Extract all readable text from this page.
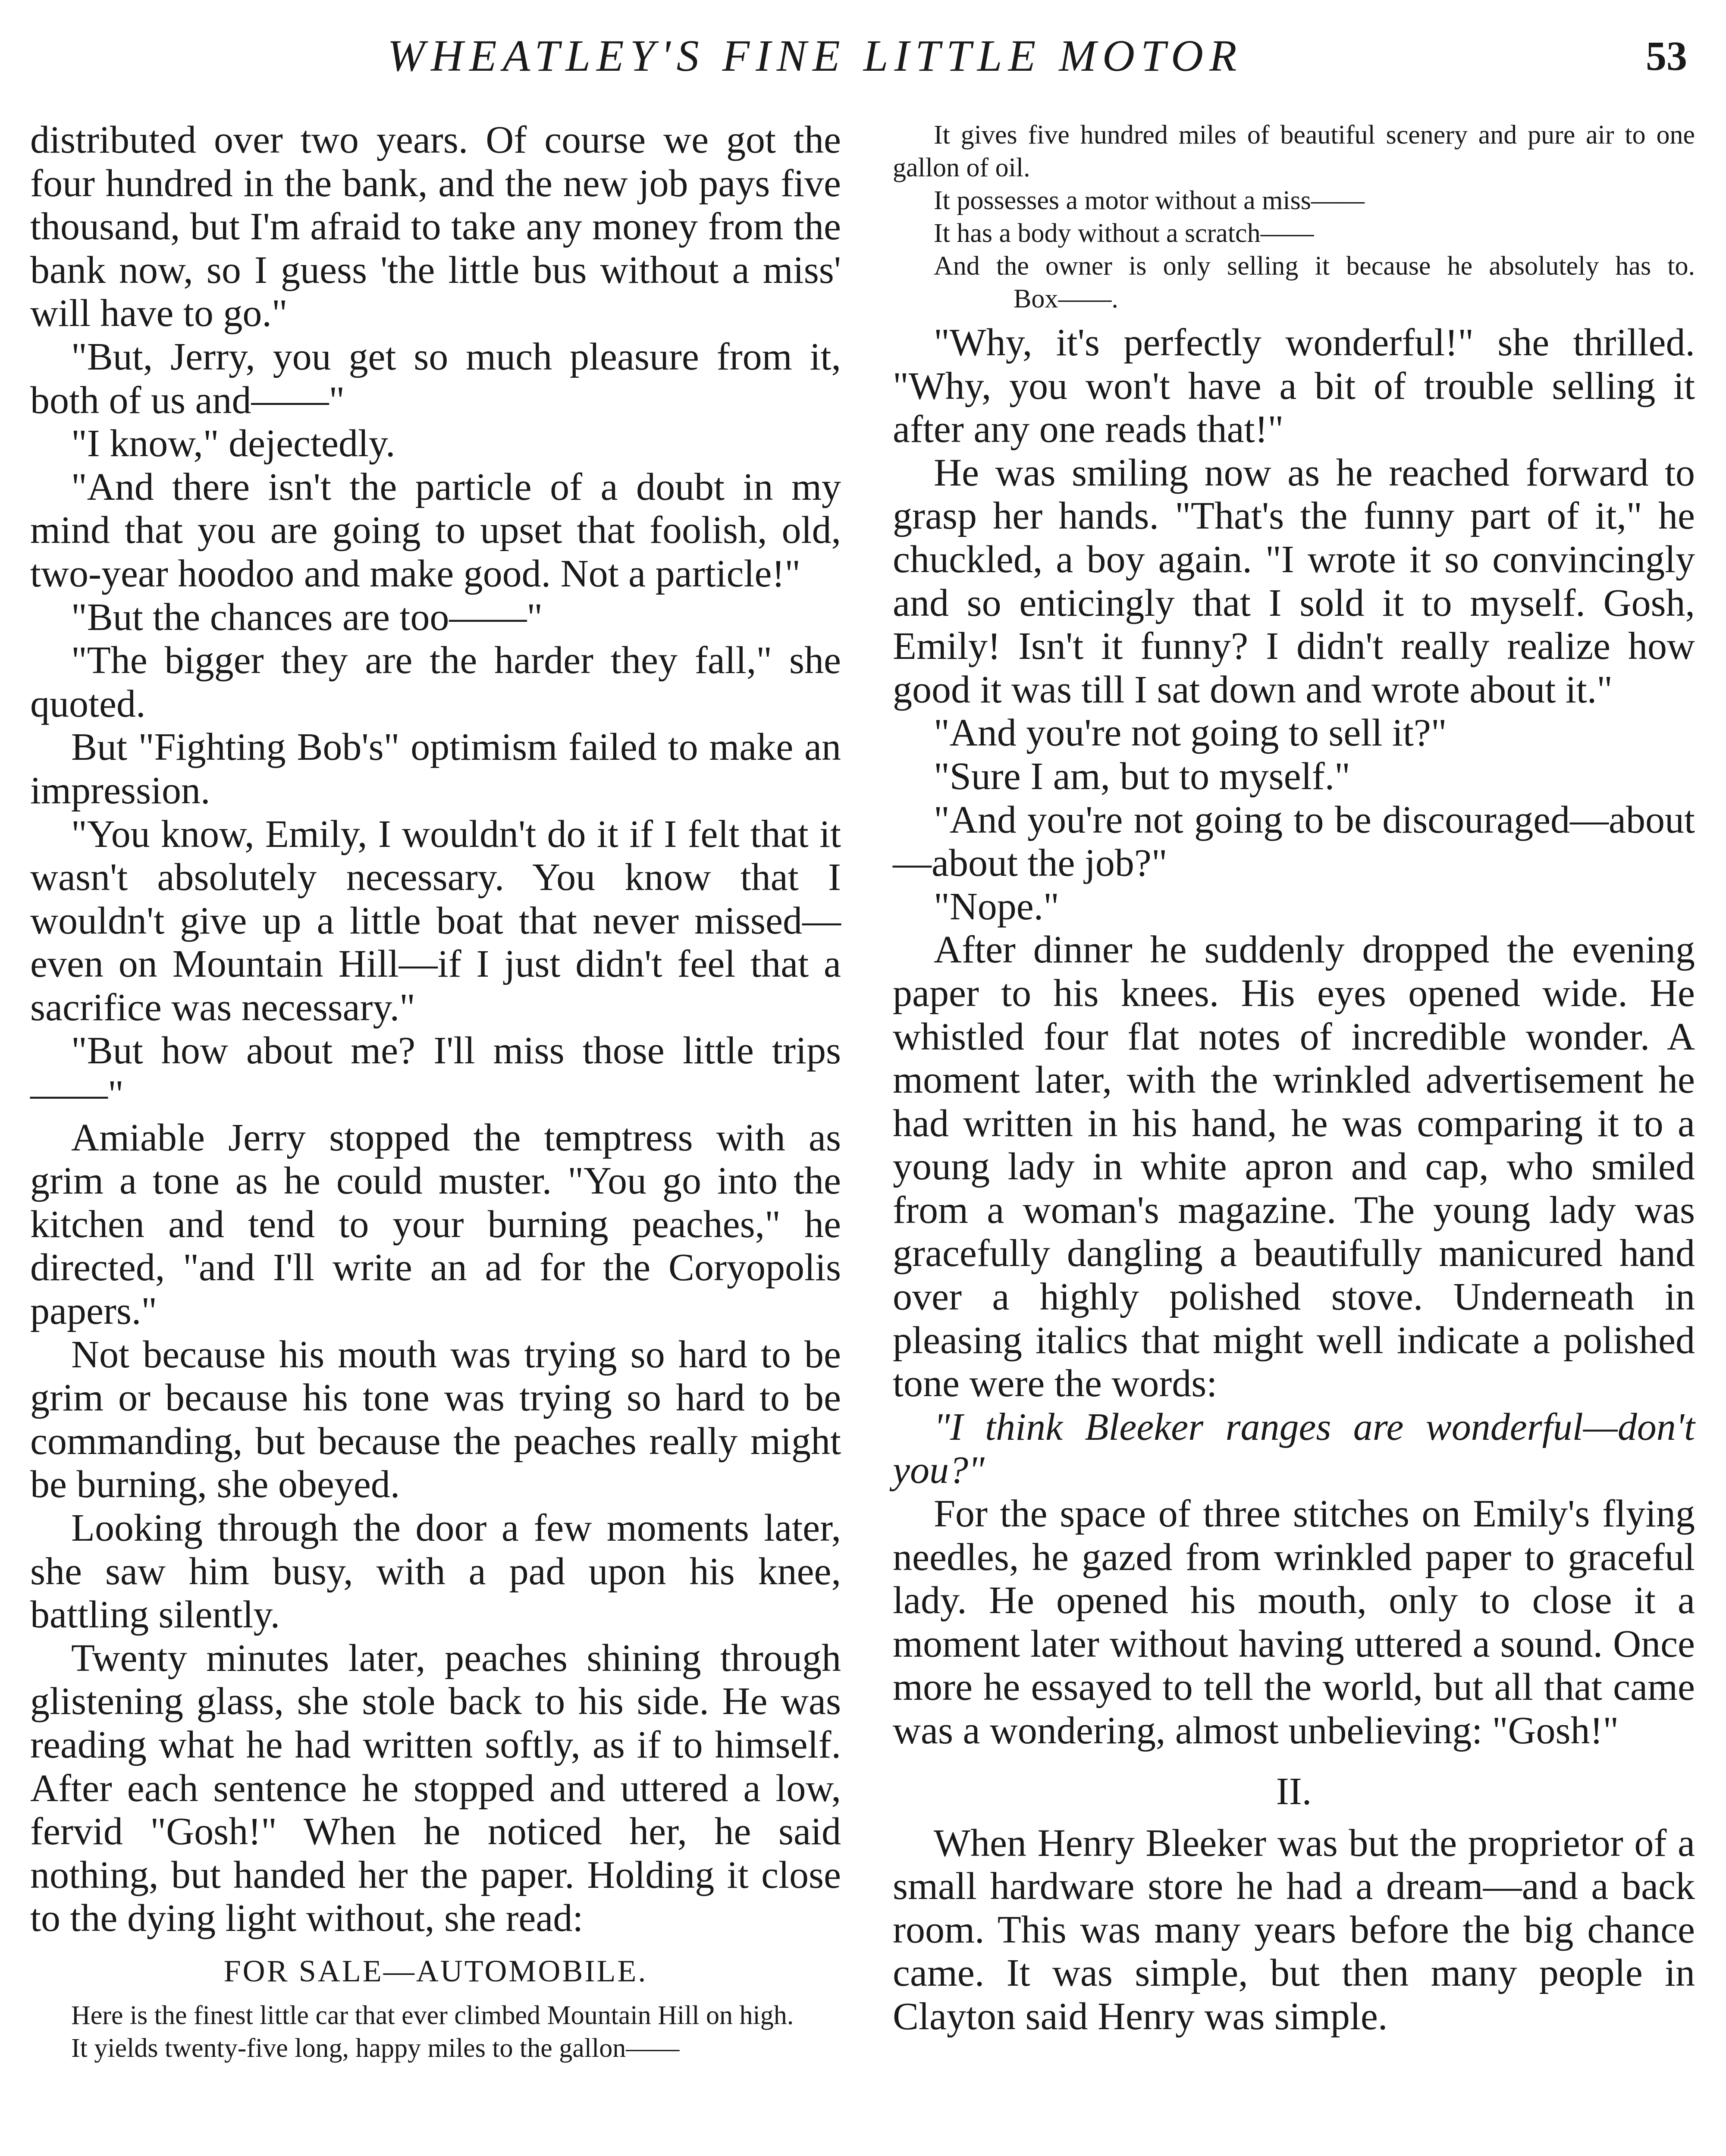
WHEATLEY'S FINE LITTLE MOTOR	53

distributed over two years. Of course we got the four hundred in the bank, and the new job pays five thousand, but I'm afraid to take any money from the bank now, so I guess 'the little bus without a miss' will have to go."

"But, Jerry, you get so much pleasure from it, both of us and——"

"I know," dejectedly.

"And there isn't the particle of a doubt in my mind that you are going to upset that foolish, old, two-year hoodoo and make good. Not a particle!"

"But the chances are too——"

"The bigger they are the harder they fall," she quoted.

But "Fighting Bob's" optimism failed to make an impression.

"You know, Emily, I wouldn't do it if I felt that it wasn't absolutely necessary. You know that I wouldn't give up a little boat that never missed—even on Mountain Hill—if I just didn't feel that a sacrifice was necessary."

"But how about me? I'll miss those little trips——"

Amiable Jerry stopped the temptress with as grim a tone as he could muster. "You go into the kitchen and tend to your burning peaches," he directed, "and I'll write an ad for the Coryopolis papers."

Not because his mouth was trying so hard to be grim or because his tone was trying so hard to be commanding, but because the peaches really might be burning, she obeyed.

Looking through the door a few moments later, she saw him busy, with a pad upon his knee, battling silently.

Twenty minutes later, peaches shining through glistening glass, she stole back to his side. He was reading what he had written softly, as if to himself. After each sentence he stopped and uttered a low, fervid "Gosh!" When he noticed her, he said nothing, but handed her the paper. Holding it close to the dying light without, she read:

FOR SALE—AUTOMOBILE.

Here is the finest little car that ever climbed Mountain Hill on high.

It yields twenty-five long, happy miles to the gallon——

It gives five hundred miles of beautiful scenery and pure air to one gallon of oil.

It possesses a motor without a miss——

It has a body without a scratch——

And the owner is only selling it because he absolutely has to. Box——.

"Why, it's perfectly wonderful!" she thrilled. "Why, you won't have a bit of trouble selling it after any one reads that!"

He was smiling now as he reached forward to grasp her hands. "That's the funny part of it," he chuckled, a boy again. "I wrote it so convincingly and so enticingly that I sold it to myself. Gosh, Emily! Isn't it funny? I didn't really realize how good it was till I sat down and wrote about it."

"And you're not going to sell it?"

"Sure I am, but to myself."

"And you're not going to be discouraged—about—about the job?"

"Nope."

After dinner he suddenly dropped the evening paper to his knees. His eyes opened wide. He whistled four flat notes of incredible wonder. A moment later, with the wrinkled advertisement he had written in his hand, he was comparing it to a young lady in white apron and cap, who smiled from a woman's magazine. The young lady was gracefully dangling a beautifully manicured hand over a highly polished stove. Underneath in pleasing italics that might well indicate a polished tone were the words:

"I think Bleeker ranges are wonderful—don't you?"

For the space of three stitches on Emily's flying needles, he gazed from wrinkled paper to graceful lady. He opened his mouth, only to close it a moment later without having uttered a sound. Once more he essayed to tell the world, but all that came was a wondering, almost unbelieving: "Gosh!"

II.

When Henry Bleeker was but the proprietor of a small hardware store he had a dream—and a back room. This was many years before the big chance came. It was simple, but then many people in Clayton said Henry was simple.
